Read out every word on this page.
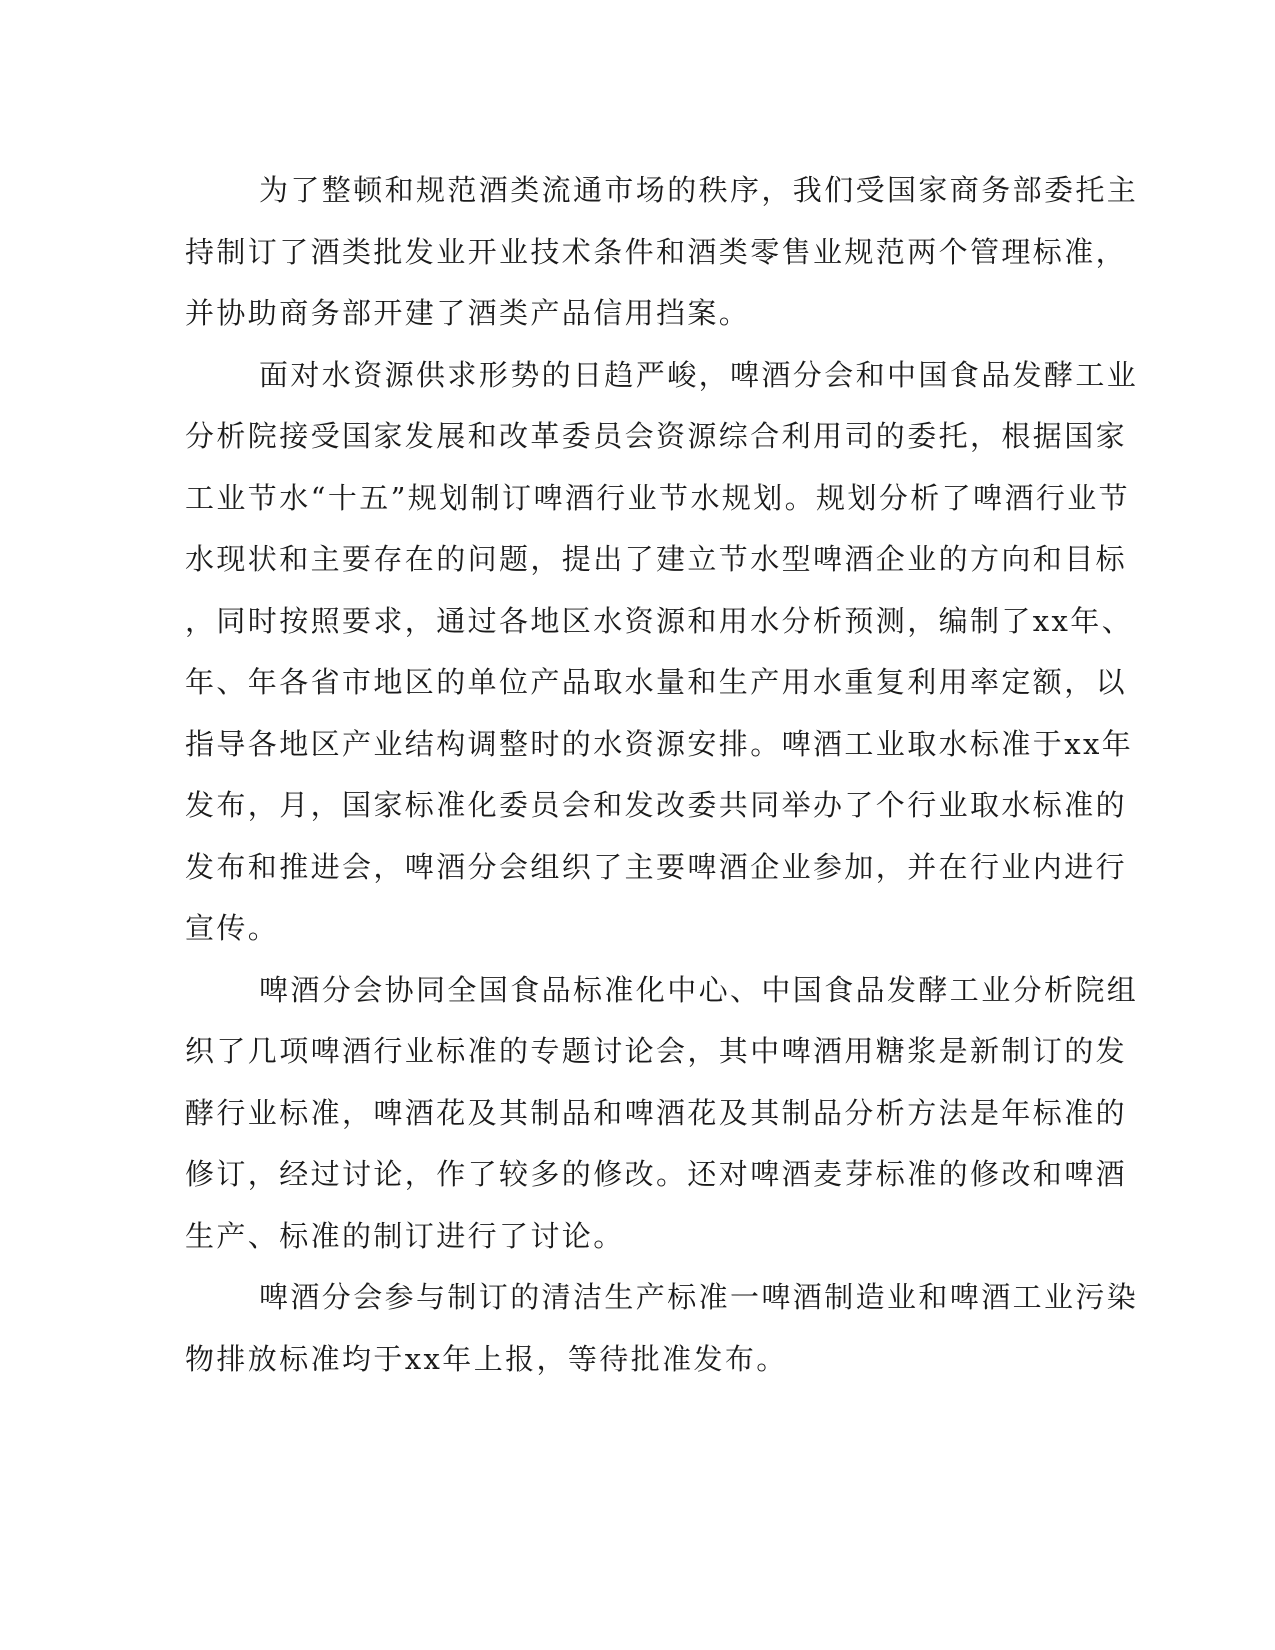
为了整顿和规范酒类流通市场的秩序，我们受国家商务部委托主
持制订了酒类批发业开业技术条件和酒类零售业规范两个管理标准，
并协助商务部开建了酒类产品信用挡案。
面对水资源供求形势的日趋严峻，啤酒分会和中国食品发酵工业
分析院接受国家发展和改革委员会资源综合利用司的委托，根据国家
工业节水“十五”规划制订啤酒行业节水规划。规划分析了啤酒行业节
水现状和主要存在的问题，提出了建立节水型啤酒企业的方向和目标
，同时按照要求，通过各地区水资源和用水分析预测，编制了xx年、
年、年各省市地区的单位产品取水量和生产用水重复利用率定额，以
指导各地区产业结构调整时的水资源安排。啤酒工业取水标准于xx年
发布，月，国家标准化委员会和发改委共同举办了个行业取水标准的
发布和推进会，啤酒分会组织了主要啤酒企业参加，并在行业内进行
宣传。
啤酒分会协同全国食品标准化中心、中国食品发酵工业分析院组
织了几项啤酒行业标准的专题讨论会，其中啤酒用糖浆是新制订的发
酵行业标准，啤酒花及其制品和啤酒花及其制品分析方法是年标准的
修订，经过讨论，作了较多的修改。还对啤酒麦芽标准的修改和啤酒
生产、标准的制订进行了讨论。
啤酒分会参与制订的清洁生产标准一啤酒制造业和啤酒工业污染
物排放标准均于xx年上报，等待批准发布。
